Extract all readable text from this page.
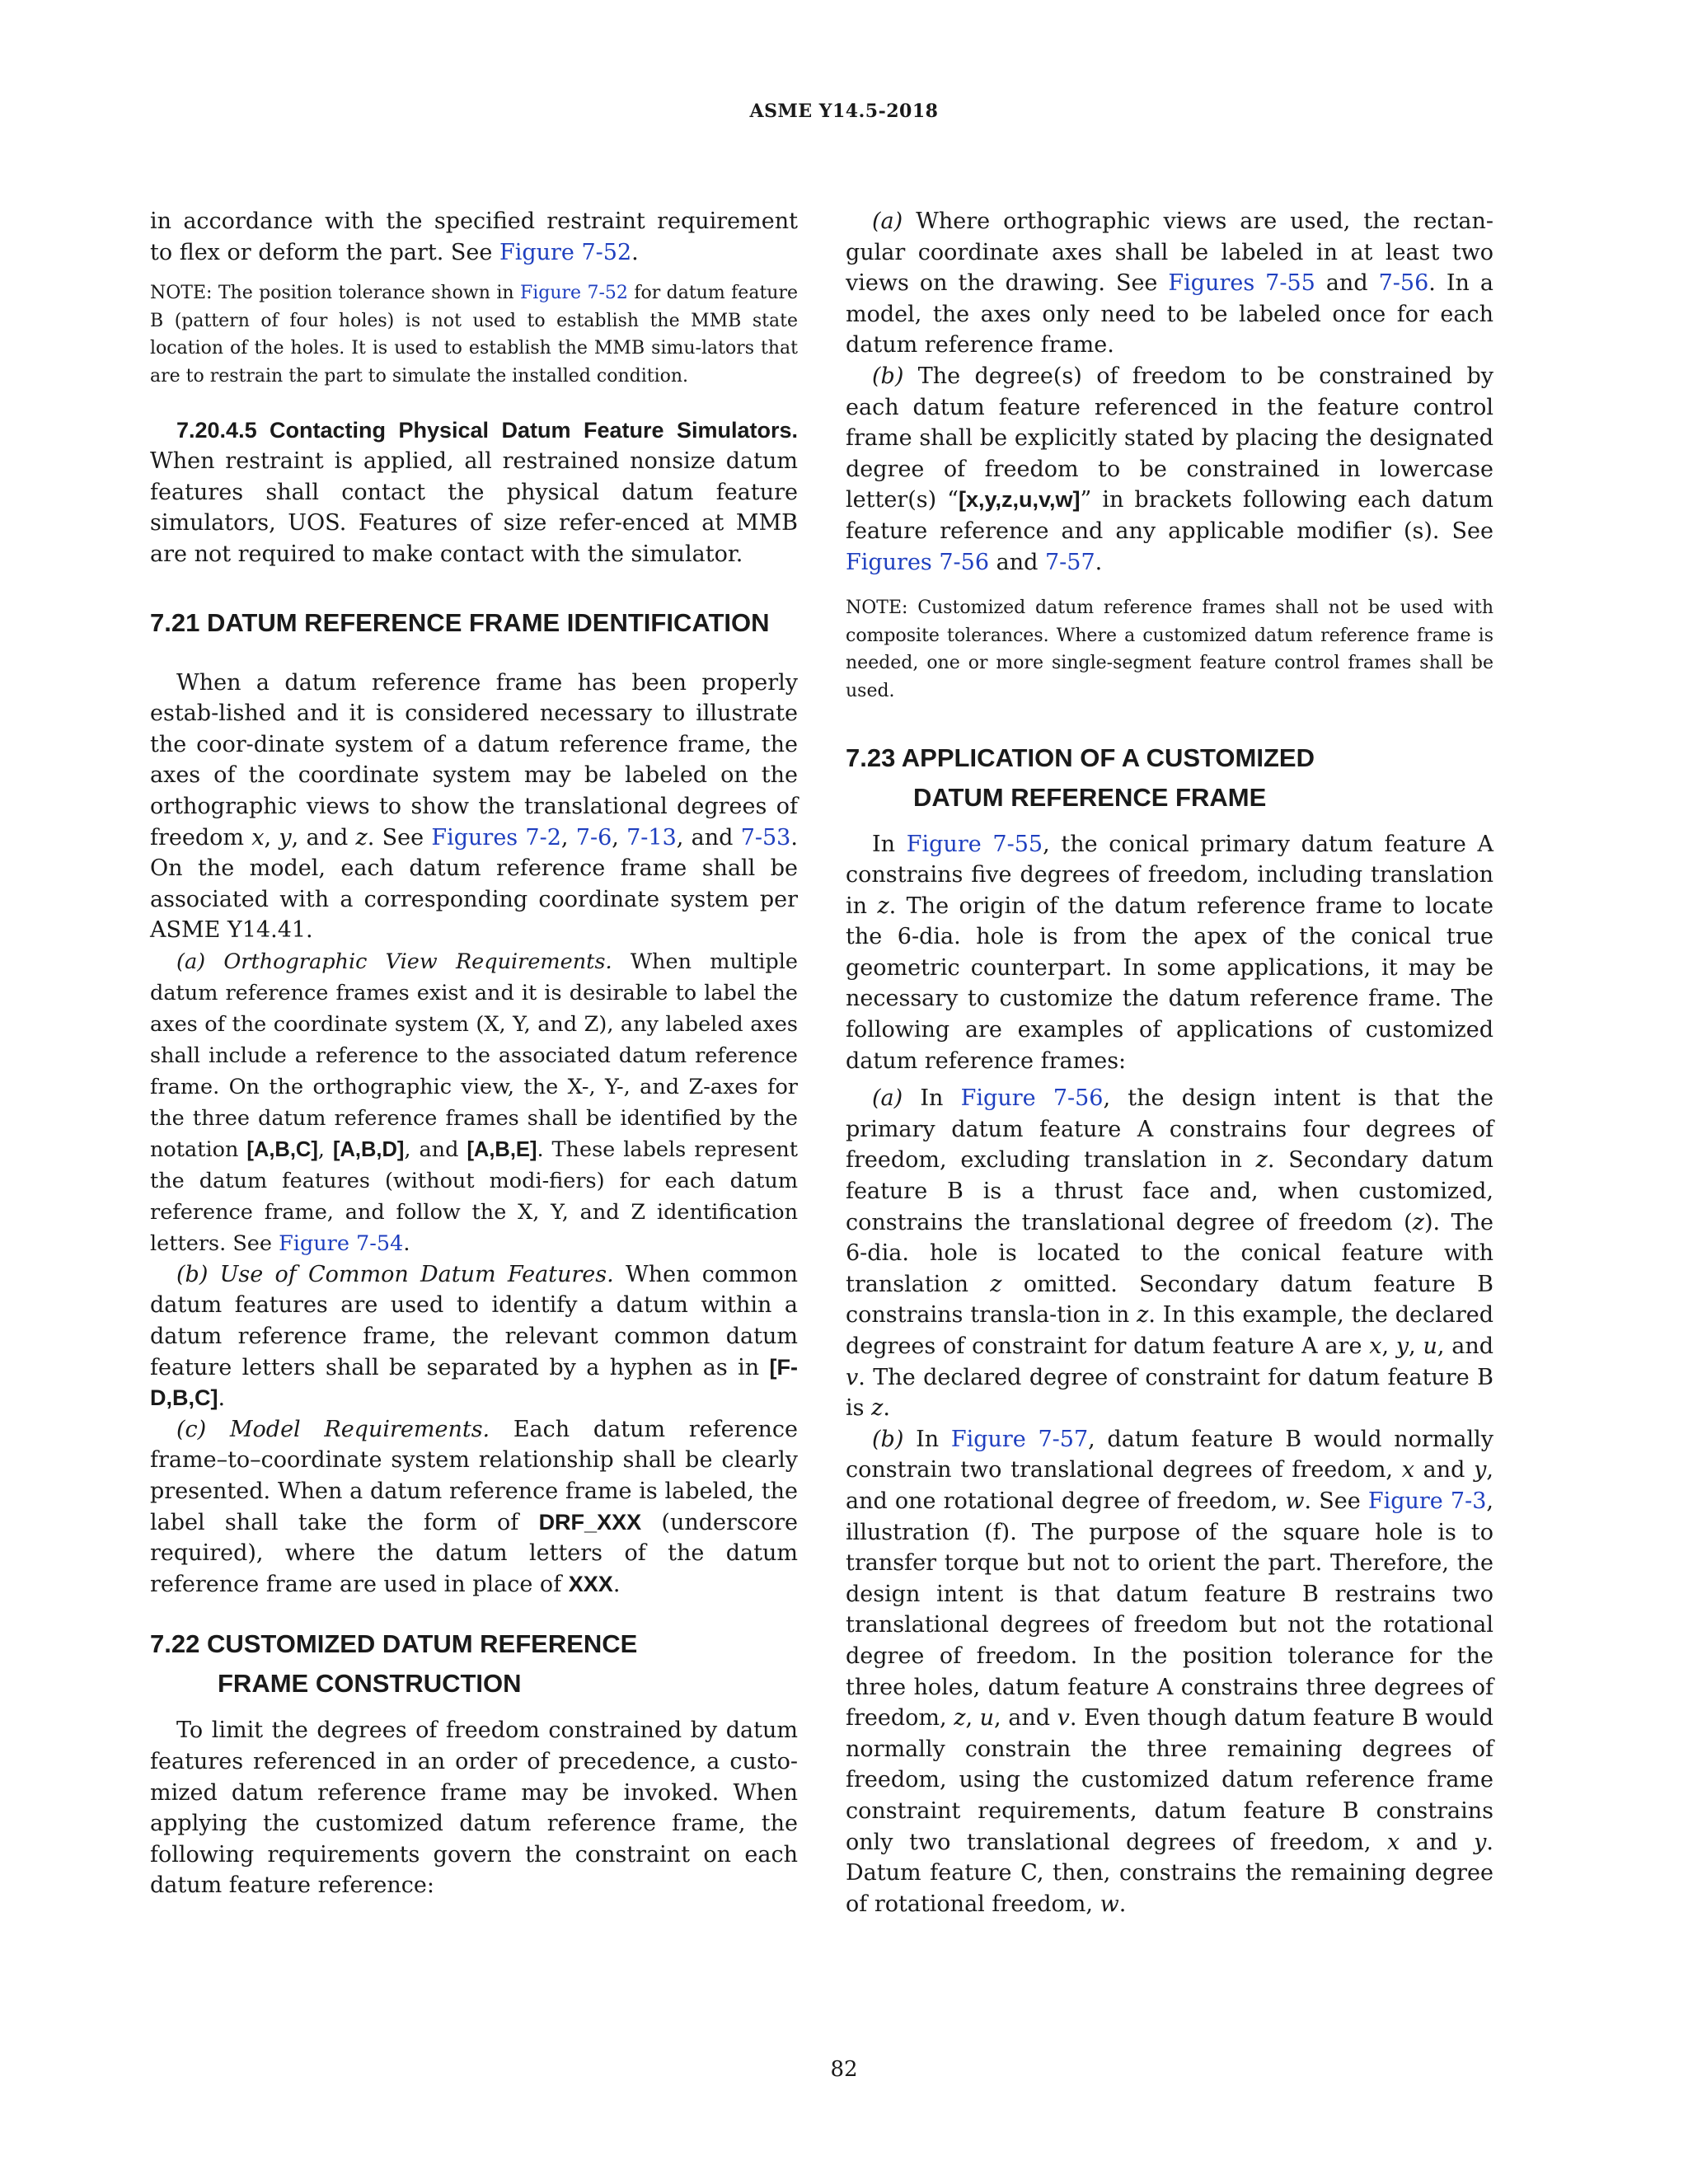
ASME Y14.5-2018

in accordance with the specified restraint requirement to flex or deform the part. See Figure 7-52.

NOTE: The position tolerance shown in Figure 7-52 for datum feature B (pattern of four holes) is not used to establish the MMB state location of the holes. It is used to establish the MMB simu-lators that are to restrain the part to simulate the installed condition.

7.20.4.5 Contacting Physical Datum Feature Simulators. When restraint is applied, all restrained nonsize datum features shall contact the physical datum feature simulators, UOS. Features of size refer-enced at MMB are not required to make contact with the simulator.

7.21 DATUM REFERENCE FRAME IDENTIFICATION

When a datum reference frame has been properly estab-lished and it is considered necessary to illustrate the coor-dinate system of a datum reference frame, the axes of the coordinate system may be labeled on the orthographic views to show the translational degrees of freedom x, y, and z. See Figures 7-2, 7-6, 7-13, and 7-53. On the model, each datum reference frame shall be associated with a corresponding coordinate system per ASME Y14.41.

(a) Orthographic View Requirements. When multiple datum reference frames exist and it is desirable to label the axes of the coordinate system (X, Y, and Z), any labeled axes shall include a reference to the associated datum reference frame. On the orthographic view, the X-, Y-, and Z-axes for the three datum reference frames shall be identified by the notation [A,B,C], [A,B,D], and [A,B,E]. These labels represent the datum features (without modi-fiers) for each datum reference frame, and follow the X, Y, and Z identification letters. See Figure 7-54.

(b) Use of Common Datum Features. When common datum features are used to identify a datum within a datum reference frame, the relevant common datum feature letters shall be separated by a hyphen as in [F-D,B,C].

(c) Model Requirements. Each datum reference frame–to–coordinate system relationship shall be clearly presented. When a datum reference frame is labeled, the label shall take the form of DRF_XXX (underscore required), where the datum letters of the datum reference frame are used in place of XXX.

7.22 CUSTOMIZED DATUM REFERENCE
FRAME CONSTRUCTION

To limit the degrees of freedom constrained by datum features referenced in an order of precedence, a custo-mized datum reference frame may be invoked. When applying the customized datum reference frame, the following requirements govern the constraint on each datum feature reference:

(a) Where orthographic views are used, the rectan-gular coordinate axes shall be labeled in at least two views on the drawing. See Figures 7-55 and 7-56. In a model, the axes only need to be labeled once for each datum reference frame.

(b) The degree(s) of freedom to be constrained by each datum feature referenced in the feature control frame shall be explicitly stated by placing the designated degree of freedom to be constrained in lowercase letter(s) “[x,y,z,u,v,w]” in brackets following each datum feature reference and any applicable modifier (s). See Figures 7-56 and 7-57.

NOTE: Customized datum reference frames shall not be used with composite tolerances. Where a customized datum reference frame is needed, one or more single-segment feature control frames shall be used.

7.23 APPLICATION OF A CUSTOMIZED
DATUM REFERENCE FRAME

In Figure 7-55, the conical primary datum feature A constrains five degrees of freedom, including translation in z. The origin of the datum reference frame to locate the 6-dia. hole is from the apex of the conical true geometric counterpart. In some applications, it may be necessary to customize the datum reference frame. The following are examples of applications of customized datum reference frames:

(a) In Figure 7-56, the design intent is that the primary datum feature A constrains four degrees of freedom, excluding translation in z. Secondary datum feature B is a thrust face and, when customized, constrains the translational degree of freedom (z). The 6-dia. hole is located to the conical feature with translation z omitted. Secondary datum feature B constrains transla-tion in z. In this example, the declared degrees of constraint for datum feature A are x, y, u, and v. The declared degree of constraint for datum feature B is z.

(b) In Figure 7-57, datum feature B would normally constrain two translational degrees of freedom, x and y, and one rotational degree of freedom, w. See Figure 7-3, illustration (f). The purpose of the square hole is to transfer torque but not to orient the part. Therefore, the design intent is that datum feature B restrains two translational degrees of freedom but not the rotational degree of freedom. In the position tolerance for the three holes, datum feature A constrains three degrees of freedom, z, u, and v. Even though datum feature B would normally constrain the three remaining degrees of freedom, using the customized datum reference frame constraint requirements, datum feature B constrains only two translational degrees of freedom, x and y. Datum feature C, then, constrains the remaining degree of rotational freedom, w.

82
